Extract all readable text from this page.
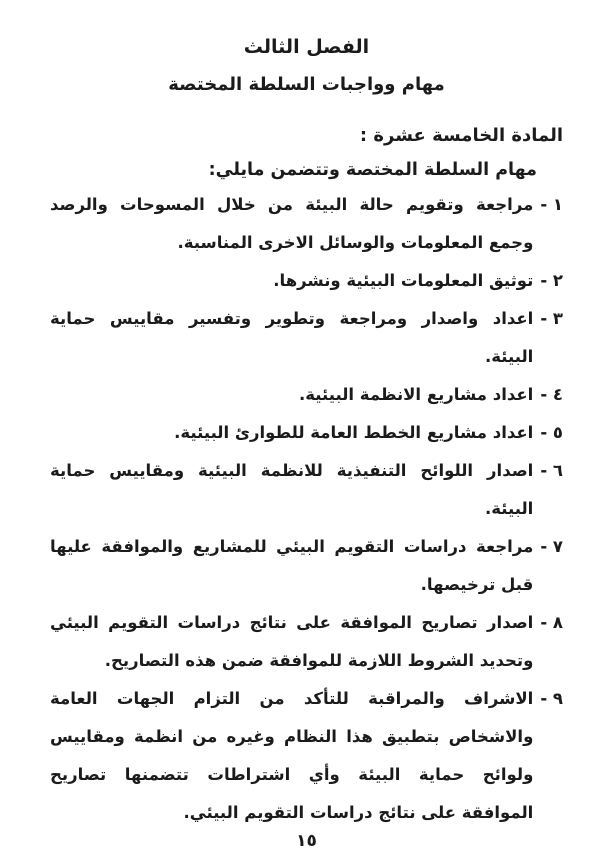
الفصل الثالث
مهام وواجبات السلطة المختصة
المادة الخامسة عشرة :
مهام السلطة المختصة وتتضمن مايلي:
١ -
مراجعة وتقويم حالة البيئة من خلال المسوحات والرصد وجمع المعلومات والوسائل الاخرى المناسبة.
٢ -
توثيق المعلومات البيئية ونشرها.
٣ -
اعداد واصدار ومراجعة وتطوير وتفسير مقاييس حماية البيئة.
٤ -
اعداد مشاريع الانظمة البيئية.
٥ -
اعداد مشاريع الخطط العامة للطوارئ البيئية.
٦ -
اصدار اللوائح التنفيذية للانظمة البيئية ومقاييس حماية البيئة.
٧ -
مراجعة دراسات التقويم البيئي للمشاريع والموافقة عليها قبل ترخيصها.
٨ -
اصدار تصاريح الموافقة على نتائج دراسات التقويم البيئي وتحديد الشروط اللازمة للموافقة ضمن هذه التصاريح.
٩ -
الاشراف والمراقبة للتأكد من التزام الجهات العامة والاشخاص بتطبيق هذا النظام وغيره من انظمة ومقاييس ولوائح حماية البيئة وأي اشتراطات تتضمنها تصاريح الموافقة على نتائج دراسات التقويم البيئي.
١٥
